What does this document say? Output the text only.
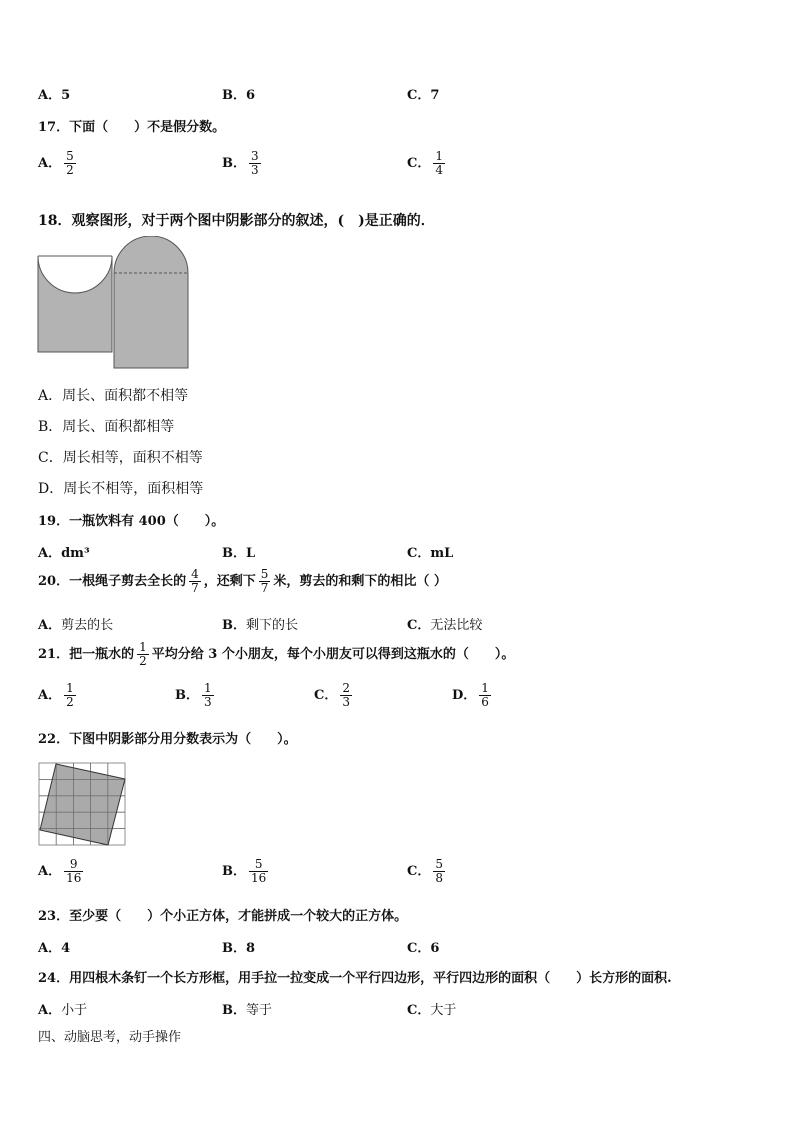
A．5	B．6	C．7
17．下面（　　）不是假分数。
A． $\frac{5}{2}$	B． $\frac{3}{3}$	C． $\frac{1}{4}$
18．观察图形，对于两个图中阴影部分的叙述，(　)是正确的．
A．周长、面积都不相等
B．周长、面积都相等
C．周长相等，面积不相等
D．周长不相等，面积相等
19．一瓶饮料有 400（　　）。
A．dm³	B．L	C．mL
20．一根绳子剪去全长的 $\frac{4}{7}$ ，还剩下 $\frac{5}{7}$ 米，剪去的和剩下的相比（ ）
A．剪去的长	B．剩下的长	C．无法比较
21．把一瓶水的 $\frac{1}{2}$ 平均分给 3 个小朋友，每个小朋友可以得到这瓶水的（　　）。
A． $\frac{1}{2}$	B． $\frac{1}{3}$	C． $\frac{2}{3}$	D． $\frac{1}{6}$
22．下图中阴影部分用分数表示为（　　）。
A． $\frac{9}{16}$	B． $\frac{5}{16}$	C． $\frac{5}{8}$
23．至少要（　　）个小正方体，才能拼成一个较大的正方体。
A．4	B．8	C．6
24．用四根木条钉一个长方形框，用手拉一拉变成一个平行四边形，平行四边形的面积（　　）长方形的面积.
A．小于	B．等于	C．大于
四、动脑思考，动手操作
